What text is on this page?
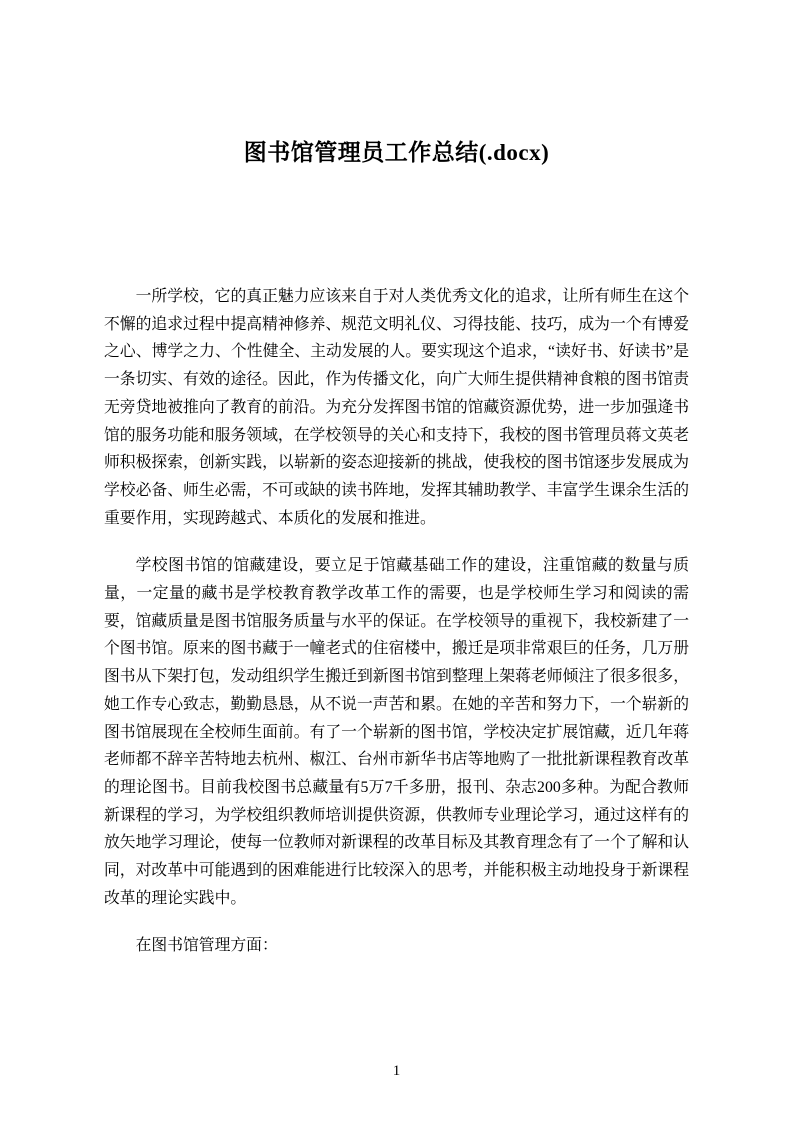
图书馆管理员工作总结(.docx)

一所学校，它的真正魅力应该来自于对人类优秀文化的追求，让所有师生在这个不懈的追求过程中提高精神修养、规范文明礼仪、习得技能、技巧，成为一个有博爱之心、博学之力、个性健全、主动发展的人。要实现这个追求，“读好书、好读书”是一条切实、有效的途径。因此，作为传播文化，向广大师生提供精神食粮的图书馆责无旁贷地被推向了教育的前沿。为充分发挥图书馆的馆藏资源优势，进一步加强逄书馆的服务功能和服务领域，在学校领导的关心和支持下，我校的图书管理员蒋文英老师积极探索，创新实践，以崭新的姿态迎接新的挑战，使我校的图书馆逐步发展成为学校必备、师生必需，不可或缺的读书阵地，发挥其辅助教学、丰富学生课余生活的重要作用，实现跨越式、本质化的发展和推进。

学校图书馆的馆藏建设，要立足于馆藏基础工作的建设，注重馆藏的数量与质量，一定量的藏书是学校教育教学改革工作的需要，也是学校师生学习和阅读的需要，馆藏质量是图书馆服务质量与水平的保证。在学校领导的重视下，我校新建了一个图书馆。原来的图书藏于一幢老式的住宿楼中，搬迁是项非常艰巨的任务，几万册图书从下架打包，发动组织学生搬迁到新图书馆到整理上架蒋老师倾注了很多很多，她工作专心致志，勤勤恳恳，从不说一声苦和累。在她的辛苦和努力下，一个崭新的图书馆展现在全校师生面前。有了一个崭新的图书馆，学校决定扩展馆藏，近几年蒋老师都不辞辛苦特地去杭州、椒江、台州市新华书店等地购了一批批新课程教育改革的理论图书。目前我校图书总藏量有5万7千多册，报刊、杂志200多种。为配合教师新课程的学习，为学校组织教师培训提供资源，供教师专业理论学习，通过这样有的放矢地学习理论，使每一位教师对新课程的改革目标及其教育理念有了一个了解和认同，对改革中可能遇到的困难能进行比较深入的思考，并能积极主动地投身于新课程改革的理论实践中。

在图书馆管理方面：

1
